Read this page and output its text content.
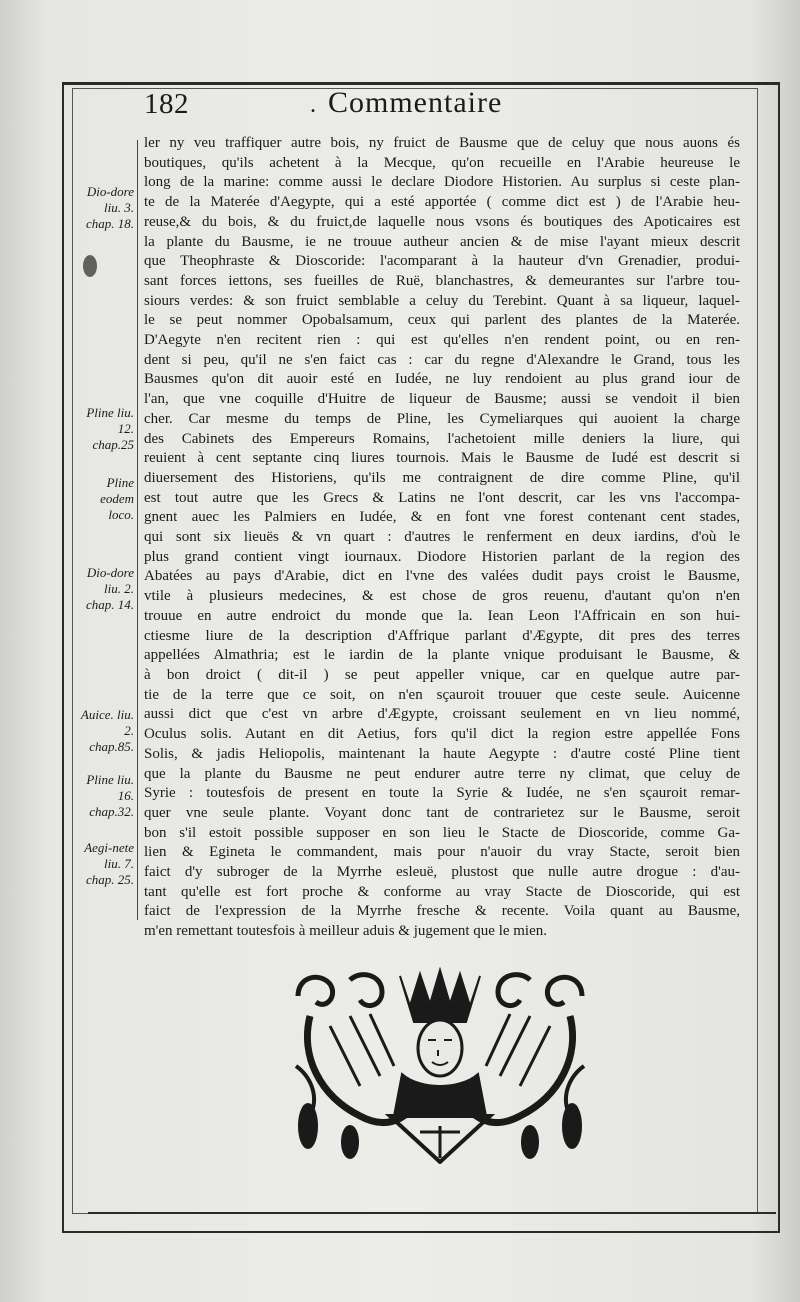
182	. Commentaire
Dio-dore liu. 3. chap. 18.
Pline liu. 12. chap.25
Pline eodem loco.
Dio-dore liu. 2. chap. 14.
Auice. liu. 2. chap.85.
Pline liu. 16. chap.32.
Aegi-nete liu. 7. chap. 25.
ler ny veu traffiquer autre bois, ny fruict de Bausme que de celuy que nous auons és
boutiques, qu'ils achetent à la Mecque, qu'on recueille en l'Arabie heureuse le
long de la marine: comme aussi le declare Diodore Historien. Au surplus si ceste plan-
te de la Materée d'Aegypte, qui a esté apportée ( comme dict est ) de l'Arabie heu-
reuse,& du bois, & du fruict,de laquelle nous vsons és boutiques des Apoticaires est
la plante du Bausme, ie ne trouue autheur ancien & de mise l'ayant mieux descrit
que Theophraste & Dioscoride: l'acomparant à la hauteur d'vn Grenadier, produi-
sant forces iettons, ses fueilles de Ruë, blanchastres, & demeurantes sur l'arbre tou-
siours verdes: & son fruict semblable a celuy du Terebint. Quant à sa liqueur, laquel-
le se peut nommer Opobalsamum, ceux qui parlent des plantes de la Materée.
D'Aegyte n'en recitent rien : qui est qu'elles n'en rendent point, ou en ren-
dent si peu, qu'il ne s'en faict cas : car du regne d'Alexandre le Grand, tous les
Bausmes qu'on dit auoir esté en Iudée, ne luy rendoient au plus grand iour de
l'an, que vne coquille d'Huitre de liqueur de Bausme; aussi se vendoit il bien
cher. Car mesme du temps de Pline, les Cymeliarques qui auoient la charge
des Cabinets des Empereurs Romains, l'achetoient mille deniers la liure, qui
reuient à cent septante cinq liures tournois. Mais le Bausme de Iudé est descrit si
diuersement des Historiens, qu'ils me contraignent de dire comme Pline, qu'il
est tout autre que les Grecs & Latins ne l'ont descrit, car les vns l'accompa-
gnent auec les Palmiers en Iudée, & en font vne forest contenant cent stades,
qui sont six lieuës & vn quart : d'autres le renferment en deux iardins, d'où le
plus grand contient vingt iournaux. Diodore Historien parlant de la region des
Abatées au pays d'Arabie, dict en l'vne des valées dudit pays croist le Bausme,
vtile à plusieurs medecines, & est chose de gros reuenu, d'autant qu'on n'en
trouue en autre endroict du monde que la. Iean Leon l'Affricain en son hui-
ctiesme liure de la description d'Affrique parlant d'Ægypte, dit pres des terres
appellées Almathria; est le iardin de la plante vnique produisant le Bausme, &
à bon droict ( dit-il ) se peut appeller vnique, car en quelque autre par-
tie de la terre que ce soit, on n'en sçauroit trouuer que ceste seule. Auicenne
aussi dict que c'est vn arbre d'Ægypte, croissant seulement en vn lieu nommé,
Oculus solis. Autant en dit Aetius, fors qu'il dict la region estre appellée Fons
Solis, & jadis Heliopolis, maintenant la haute Aegypte : d'autre costé Pline tient
que la plante du Bausme ne peut endurer autre terre ny climat, que celuy de
Syrie : toutesfois de present en toute la Syrie & Iudée, ne s'en sçauroit remar-
quer vne seule plante. Voyant donc tant de contrarietez sur le Bausme, seroit
bon s'il estoit possible supposer en son lieu le Stacte de Dioscoride, comme Ga-
lien & Egineta le commandent, mais pour n'auoir du vray Stacte, seroit bien
faict d'y subroger de la Myrrhe esleuë, plustost que nulle autre drogue : d'au-
tant qu'elle est fort proche & conforme au vray Stacte de Dioscoride, qui est
faict de l'expression de la Myrrhe fresche & recente. Voila quant au Bausme,
m'en remettant toutesfois à meilleur aduis & jugement que le mien.
